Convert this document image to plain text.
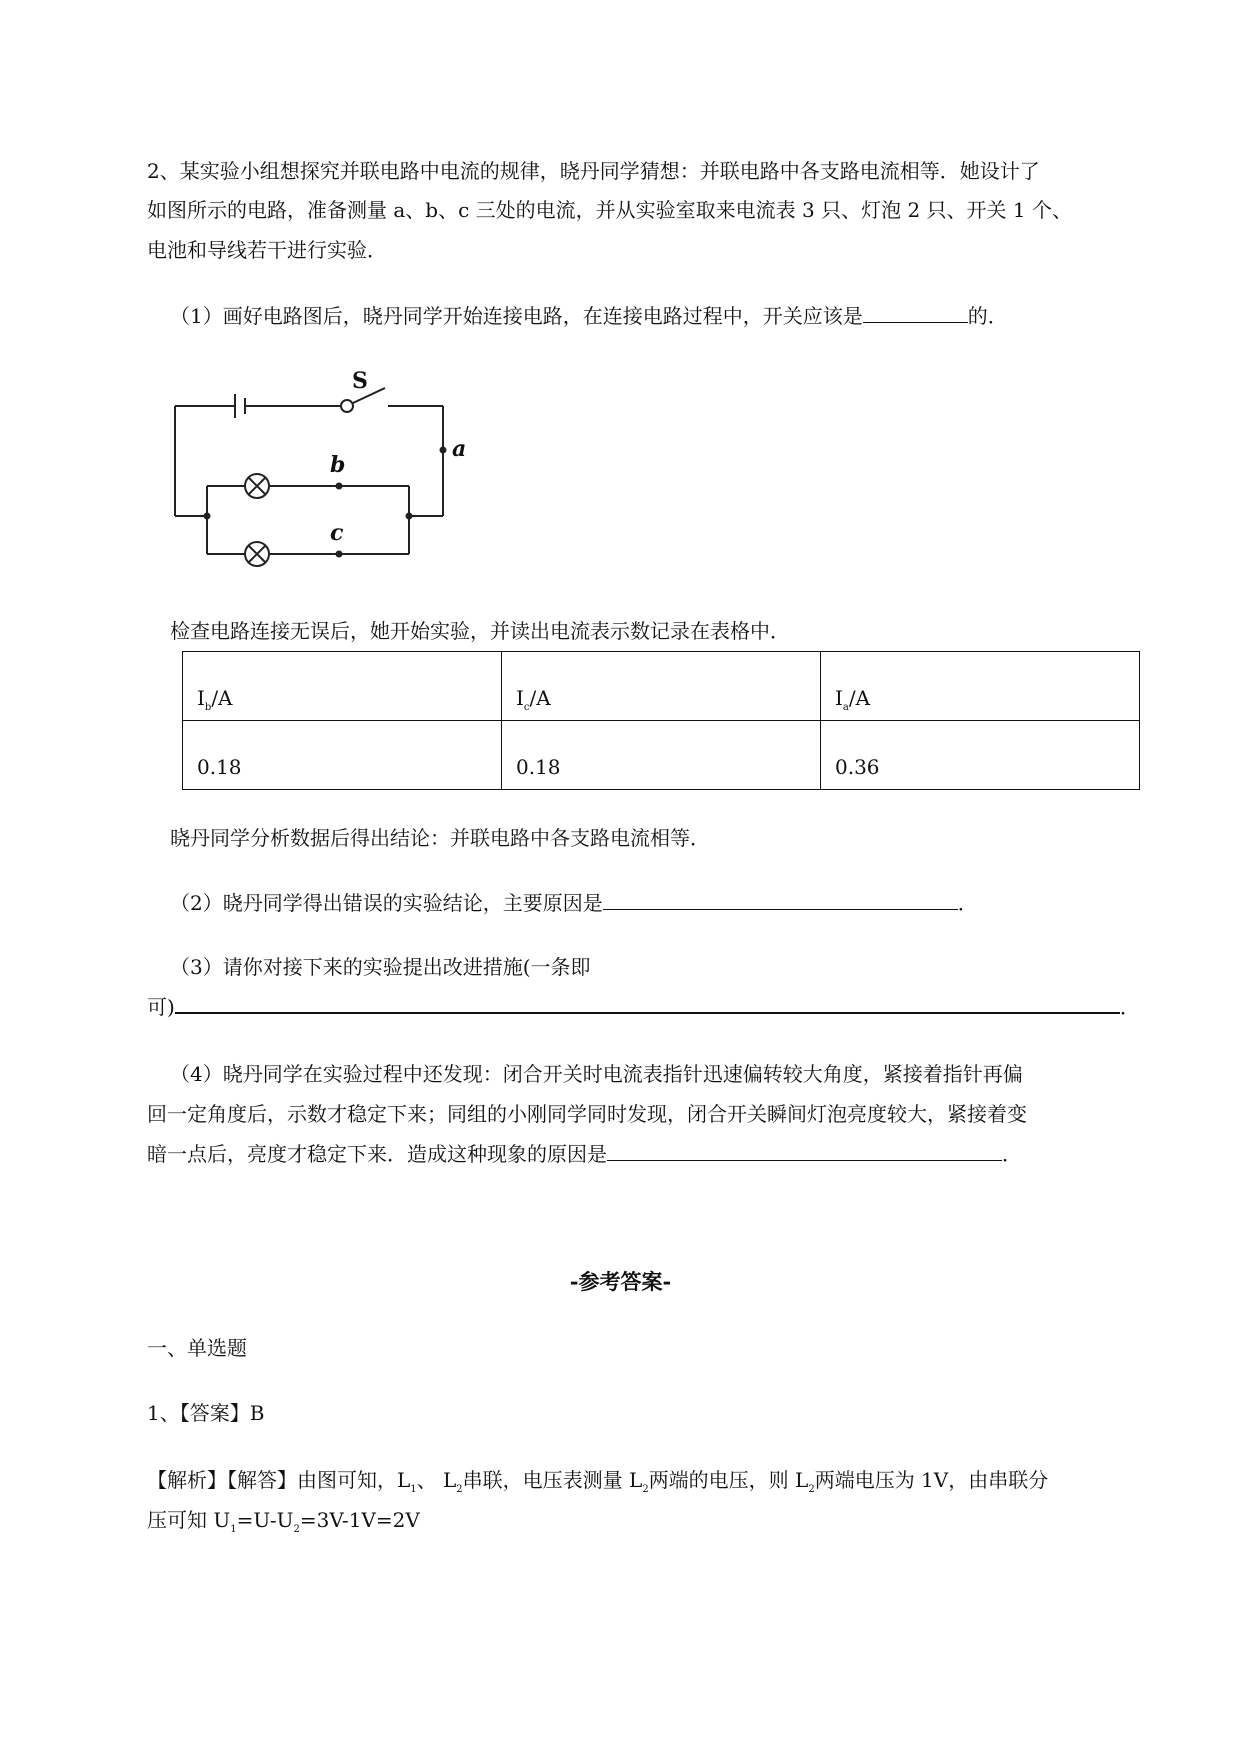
2、某实验小组想探究并联电路中电流的规律，晓丹同学猜想：并联电路中各支路电流相等．她设计了
如图所示的电路，准备测量 a、b、c 三处的电流，并从实验室取来电流表 3 只、灯泡 2 只、开关 1 个、
电池和导线若干进行实验．
（1）画好电路图后，晓丹同学开始连接电路，在连接电路过程中，开关应该是	的．
S
a
b
c
检查电路连接无误后，她开始实验，并读出电流表示数记录在表格中．
$I_b/A$	$I_c/A$	$I_a/A$
0.18	0.18	0.36
晓丹同学分析数据后得出结论：并联电路中各支路电流相等．
（2）晓丹同学得出错误的实验结论，主要原因是	．
（3）请你对接下来的实验提出改进措施(一条即
可)	．
（4）晓丹同学在实验过程中还发现：闭合开关时电流表指针迅速偏转较大角度，紧接着指针再偏
回一定角度后，示数才稳定下来；同组的小刚同学同时发现，闭合开关瞬间灯泡亮度较大，紧接着变
暗一点后，亮度才稳定下来．造成这种现象的原因是	．
-参考答案-
一、单选题
1、【答案】B
【解析】【解答】由图可知，$L_1$、 $L_2$串联，电压表测量 $L_2$两端的电压，则 $L_2$两端电压为 1V，由串联分
压可知 $U_1=U-U_2=3V-1V=2V$
